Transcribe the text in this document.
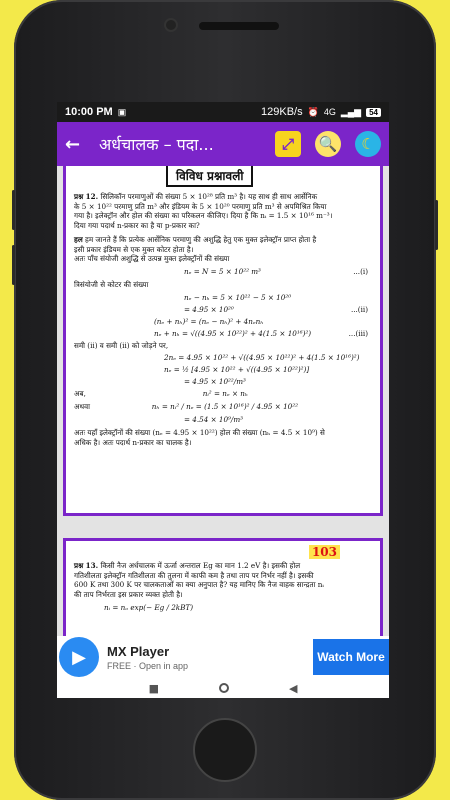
10:00 PM ▣	129KB/s ⏰ 4G ▂▄▆	54
←	अर्धचालक – पदा...	⤢	🔍	☾
विविध प्रश्नावली
प्रश्न 12. सिलिकॉन परमाणुओं की संख्या 5 × 10²⁸ प्रति m³ है। यह साथ ही साथ आर्सेनिक
के 5 × 10²² परमाणु प्रति m³ और इंडियम के 5 × 10²⁰ परमाणु प्रति m³ से अपमिश्रित किया
गया है। इलेक्ट्रॉन और होल की संख्या का परिकलन कीजिए। दिया है कि nᵢ = 1.5 × 10¹⁶ m⁻³।
दिया गया पदार्थ n-प्रकार का है या p-प्रकार का?
हल हम जानते हैं कि प्रत्येक आर्सेनिक परमाणु की अशुद्धि हेतु एक मुक्त इलेक्ट्रॉन प्राप्त होता है
इसी प्रकार इंडियम से एक मुक्त कोटर होता है।
अतः पाँच संयोजी अशुद्धि से उत्पन्न मुक्त इलेक्ट्रॉनों की संख्या
nₑ = N = 5 × 10²² m³	...(i)
त्रिसंयोजी से कोटर की संख्या
nₑ − nₕ = 5 × 10²² − 5 × 10²⁰
= 4.95 × 10²⁰	...(ii)
(nₑ + nₕ)² = (nₑ − nₕ)² + 4nₑnₕ
nₑ + nₕ = √((4.95 × 10²²)² + 4(1.5 × 10¹⁶)²)	...(iii)
समी (ii) व समी (ii) को जोड़ने पर,
2nₑ = 4.95 × 10²² + √((4.95 × 10²²)² + 4(1.5 × 10¹⁶)²)
nₑ = ½ [4.95 × 10²² + √((4.95 × 10²²)²)]
= 4.95 × 10²²/m³
अब,	nᵢ² = nₑ × nₕ
अथवा	nₕ = nᵢ² / nₑ = (1.5 × 10¹⁶)² / 4.95 × 10²²
= 4.54 × 10⁹/m³
अतः यहाँ इलेक्ट्रॉनों की संख्या (nₑ = 4.95 × 10²²) होल की संख्या (nₕ = 4.5 × 10⁹) से
अधिक है। अतः पदार्थ n-प्रकार का चालक है।
103
प्रश्न 13. किसी नैज अर्धचालक में ऊर्जा अन्तराल Eg का मान 1.2 eV है। इसकी होल
गतिशीलता इलेक्ट्रॉन गतिशीलता की तुलना में काफी कम है तथा ताप पर निर्भर नहीं है। इसकी
600 K तथा 300 K पर चालकताओं का क्या अनुपात है? यह मानिए कि नैज वाहक सान्द्रता nᵢ
की ताप निर्भरता इस प्रकार व्यक्त होती है।
nᵢ = nₒ exp(− Eg / 2kBT)
▶	MX Player
FREE · Open in app
Watch More
■	◀
